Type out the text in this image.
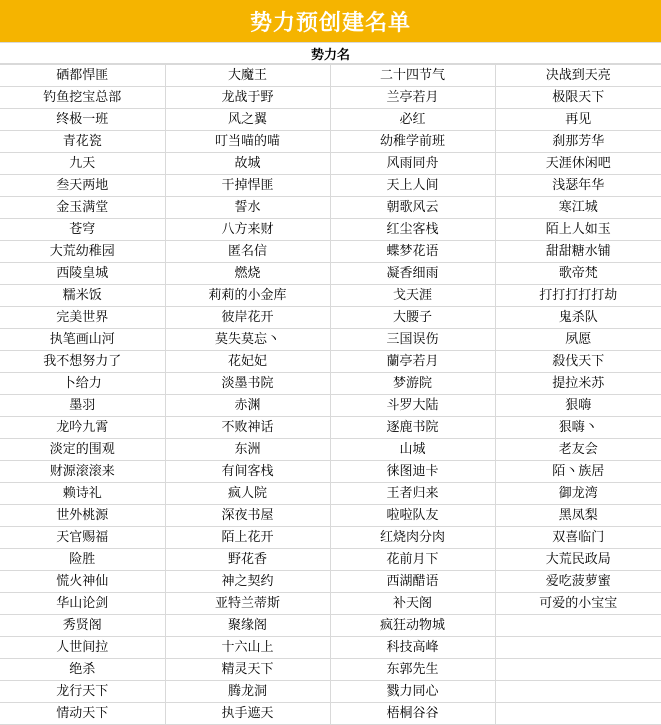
势力预创建名单
势力名
硒都悍匪	大魔王	二十四节气	决战到天亮
钓鱼挖宝总部	龙战于野	兰亭若月	极限天下
终极一班	风之翼	必红	再见
青花瓷	叮当喵的喵	幼稚学前班	刹那芳华
九天	故城	风雨同舟	天涯休闲吧
叁天两地	干掉悍匪	天上人间	浅瑟年华
金玉满堂	誓水	朝歌风云	寒江城
苍穹	八方来财	红尘客栈	陌上人如玉
大荒幼稚园	匿名信	蝶梦花语	甜甜糖水铺
西陵皇城	燃烧	凝香细雨	歌帝梵
糯米饭	莉莉的小金库	戈天涯	打打打打打劫
完美世界	彼岸花开	大腰子	鬼杀队
执笔画山河	莫失莫忘丶	三国误伤	夙愿
我不想努力了	花妃妃	蘭亭若月	殺伐天下
卜给力	淡墨书院	梦游院	提拉米苏
墨羽	赤渊	斗罗大陆	狠嗨
龙吟九霄	不败神话	逐鹿书院	狠嗨丶
淡定的围观	东洲	山城	老友会
财源滚滚来	有间客栈	徕图迪卡	陌丶族居
赖诗礼	疯人院	王者归来	御龙湾
世外桃源	深夜书屋	啦啦队友	黑凤梨
天官赐福	陌上花开	红烧肉分肉	双喜临门
险胜	野花香	花前月下	大荒民政局
慌火神仙	神之契约	西湖醋语	爱吃菠萝蜜
华山论剑	亚特兰蒂斯	补天阁	可爱的小宝宝
秀贤阁	聚缘阁	疯狂动物城	
人世间拉	十六山上	科技高峰	
绝杀	精灵天下	东郭先生	
龙行天下	腾龙洞	戮力同心	
情动天下	执手遮天	梧桐谷谷	
